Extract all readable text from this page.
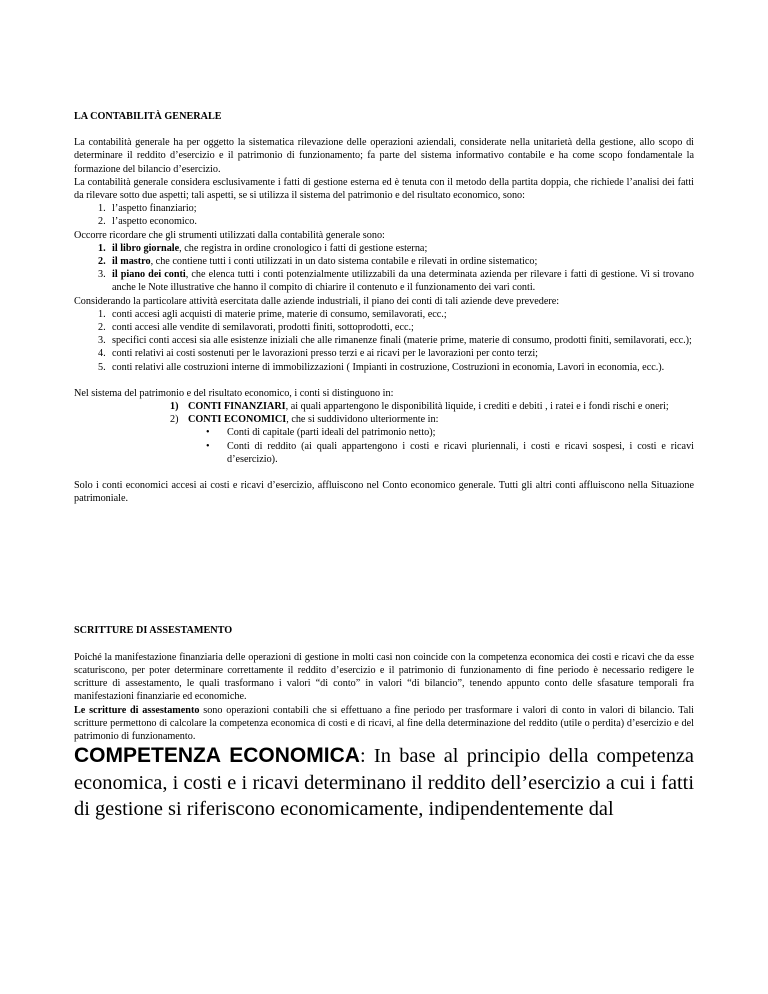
LA CONTABILITÀ GENERALE

La contabilità generale ha per oggetto la sistematica rilevazione delle operazioni aziendali, considerate nella unitarietà della gestione, allo scopo di determinare il reddito d’esercizio e il patrimonio di funzionamento; fa parte del sistema informativo contabile e ha come scopo fondamentale la formazione del bilancio d’esercizio.

La contabilità generale considera esclusivamente i fatti di gestione esterna ed è tenuta con il metodo della partita doppia, che richiede l’analisi dei fatti da rilevare sotto due aspetti; tali aspetti, se si utilizza il sistema del patrimonio e del risultato economico, sono:

1. l’aspetto finanziario;
2. l’aspetto economico.

Occorre ricordare che gli strumenti utilizzati dalla contabilità generale sono:

1. il libro giornale, che registra in ordine cronologico i fatti di gestione esterna;
2. il mastro, che contiene tutti i conti utilizzati in un dato sistema contabile e rilevati in ordine sistematico;
3. il piano dei conti, che elenca tutti i conti potenzialmente utilizzabili da una determinata azienda per rilevare i fatti di gestione. Vi si trovano anche le Note illustrative che hanno il compito di chiarire il contenuto e il funzionamento dei vari conti.

Considerando la particolare attività esercitata dalle aziende industriali, il piano dei conti di tali aziende deve prevedere:

1. conti accesi agli acquisti di materie prime, materie di consumo, semilavorati, ecc.;
2. conti accesi alle vendite di semilavorati, prodotti finiti, sottoprodotti, ecc.;
3. specifici conti accesi sia alle esistenze iniziali che alle rimanenze finali (materie prime, materie di consumo, prodotti finiti, semilavorati, ecc.);
4. conti relativi ai costi sostenuti per le lavorazioni presso terzi e ai ricavi per le lavorazioni per conto terzi;
5. conti relativi alle costruzioni interne di immobilizzazioni ( Impianti in costruzione, Costruzioni in economia, Lavori in economia, ecc.).

Nel sistema del patrimonio e del risultato economico, i conti si distinguono in:

1) CONTI FINANZIARI, ai quali appartengono le disponibilità liquide, i crediti e debiti , i ratei e i fondi rischi e oneri;
2) CONTI ECONOMICI, che si suddividono ulteriormente in:
• Conti di capitale (parti ideali del patrimonio netto);
• Conti di reddito (ai quali appartengono i costi e ricavi pluriennali, i costi e ricavi sospesi, i costi e ricavi d’esercizio).

Solo i conti economici accesi ai costi e ricavi d’esercizio, affluiscono nel Conto economico generale. Tutti gli altri conti affluiscono nella Situazione patrimoniale.

SCRITTURE DI ASSESTAMENTO

Poiché la manifestazione finanziaria delle operazioni di gestione in molti casi non coincide con la competenza economica dei costi e ricavi che da esse scaturiscono, per poter determinare correttamente il reddito d’esercizio e il patrimonio di funzionamento di fine periodo è necessario redigere le scritture di assestamento, le quali trasformano i valori “di conto” in valori “di bilancio”, tenendo appunto conto delle sfasature temporali fra manifestazioni finanziarie ed economiche.

Le scritture di assestamento sono operazioni contabili che si effettuano a fine periodo per trasformare i valori di conto in valori di bilancio. Tali scritture permettono di calcolare la competenza economica di costi e di ricavi, al fine della determinazione del reddito (utile o perdita) d’esercizio e del patrimonio di funzionamento.

COMPETENZA ECONOMICA: In base al principio della competenza economica, i costi e i ricavi determinano il reddito dell’esercizio a cui i fatti di gestione si riferiscono economicamente, indipendentemente dal
